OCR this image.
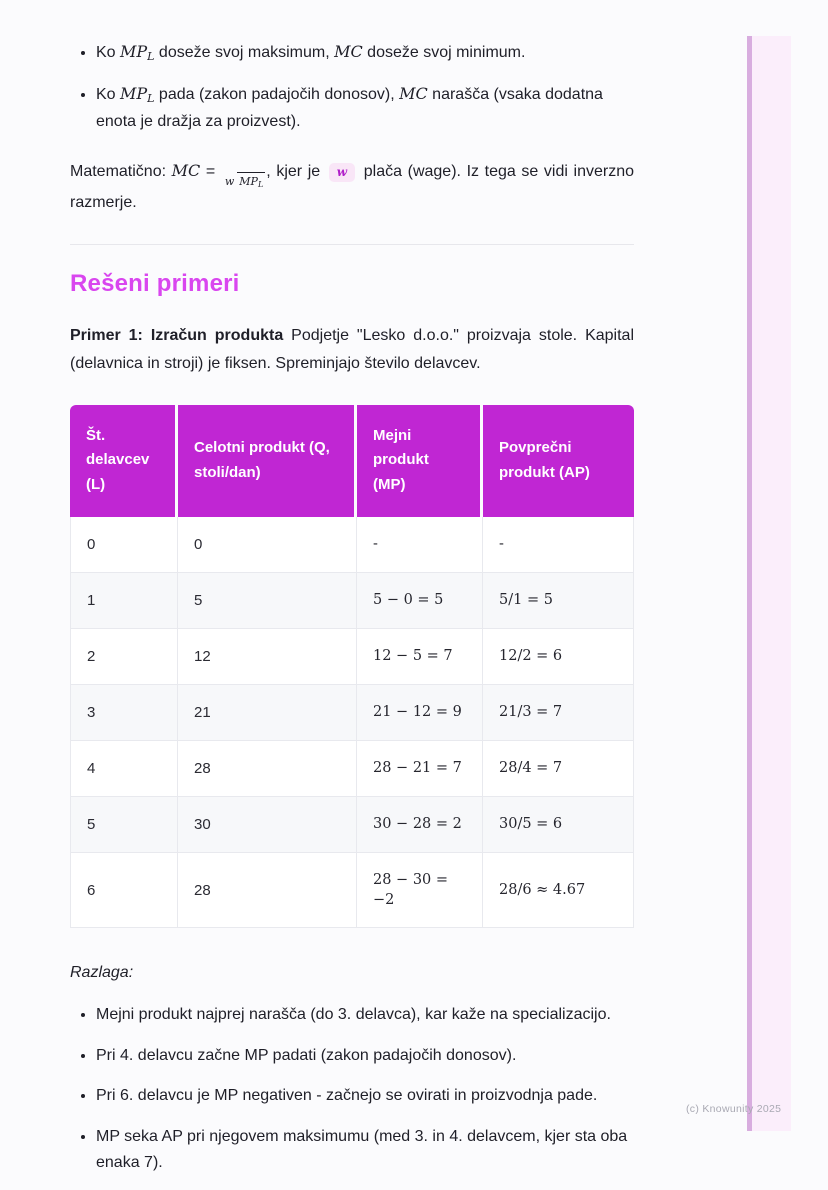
• Ko MPL doseže svoj maksimum, MC doseže svoj minimum.
• Ko MPL pada (zakon padajočih donosov), MC narašča (vsaka dodatna enota je dražja za proizvest).

Matematično: MC = w MPL, kjer je w plača (wage). Iz tega se vidi inverzno razmerje.

Rešeni primeri

Primer 1: Izračun produkta Podjetje "Lesko d.o.o." proizvaja stole. Kapital (delavnica in stroji) je fiksen. Spreminjajo število delavcev.

Št. delavcev (L)	Celotni produkt (Q, stoli/dan)	Mejni produkt (MP)	Povprečni produkt (AP)
0	0	-	-
1	5	5 − 0 = 5	5/1 = 5
2	12	12 − 5 = 7	12/2 = 6
3	21	21 − 12 = 9	21/3 = 7
4	28	28 − 21 = 7	28/4 = 7
5	30	30 − 28 = 2	30/5 = 6
6	28	28 − 30 = −2	28/6 ≈ 4.67

Razlaga:

• Mejni produkt najprej narašča (do 3. delavca), kar kaže na specializacijo.
• Pri 4. delavcu začne MP padati (zakon padajočih donosov).
• Pri 6. delavcu je MP negativen - začnejo se ovirati in proizvodnja pade.
• MP seka AP pri njegovem maksimumu (med 3. in 4. delavcem, kjer sta oba enaka 7).
(c) Knowunity 2025
